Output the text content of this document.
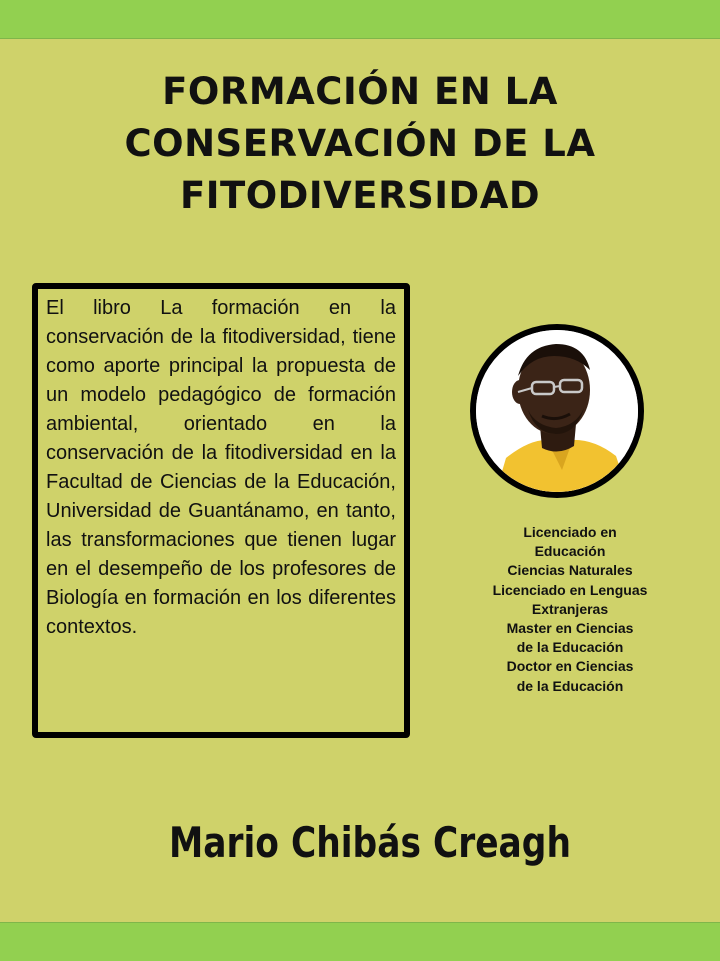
FORMACIÓN EN LA
CONSERVACIÓN DE LA
FITODIVERSIDAD
El libro La formación en la conservación de la fitodiversidad, tiene como aporte principal la propuesta de un modelo pedagógico de formación ambiental, orientado en la conservación de la fitodiversidad en la Facultad de Ciencias de la Educación, Universidad de Guantánamo, en tanto, las transformaciones que tienen lugar en el desempeño de los profesores de Biología en formación en los diferentes contextos.
Licenciado en
Educación
Ciencias Naturales
Licenciado en Lenguas
Extranjeras
Master en Ciencias
de la Educación
Doctor en Ciencias
de la Educación
Mario Chibás Creagh
